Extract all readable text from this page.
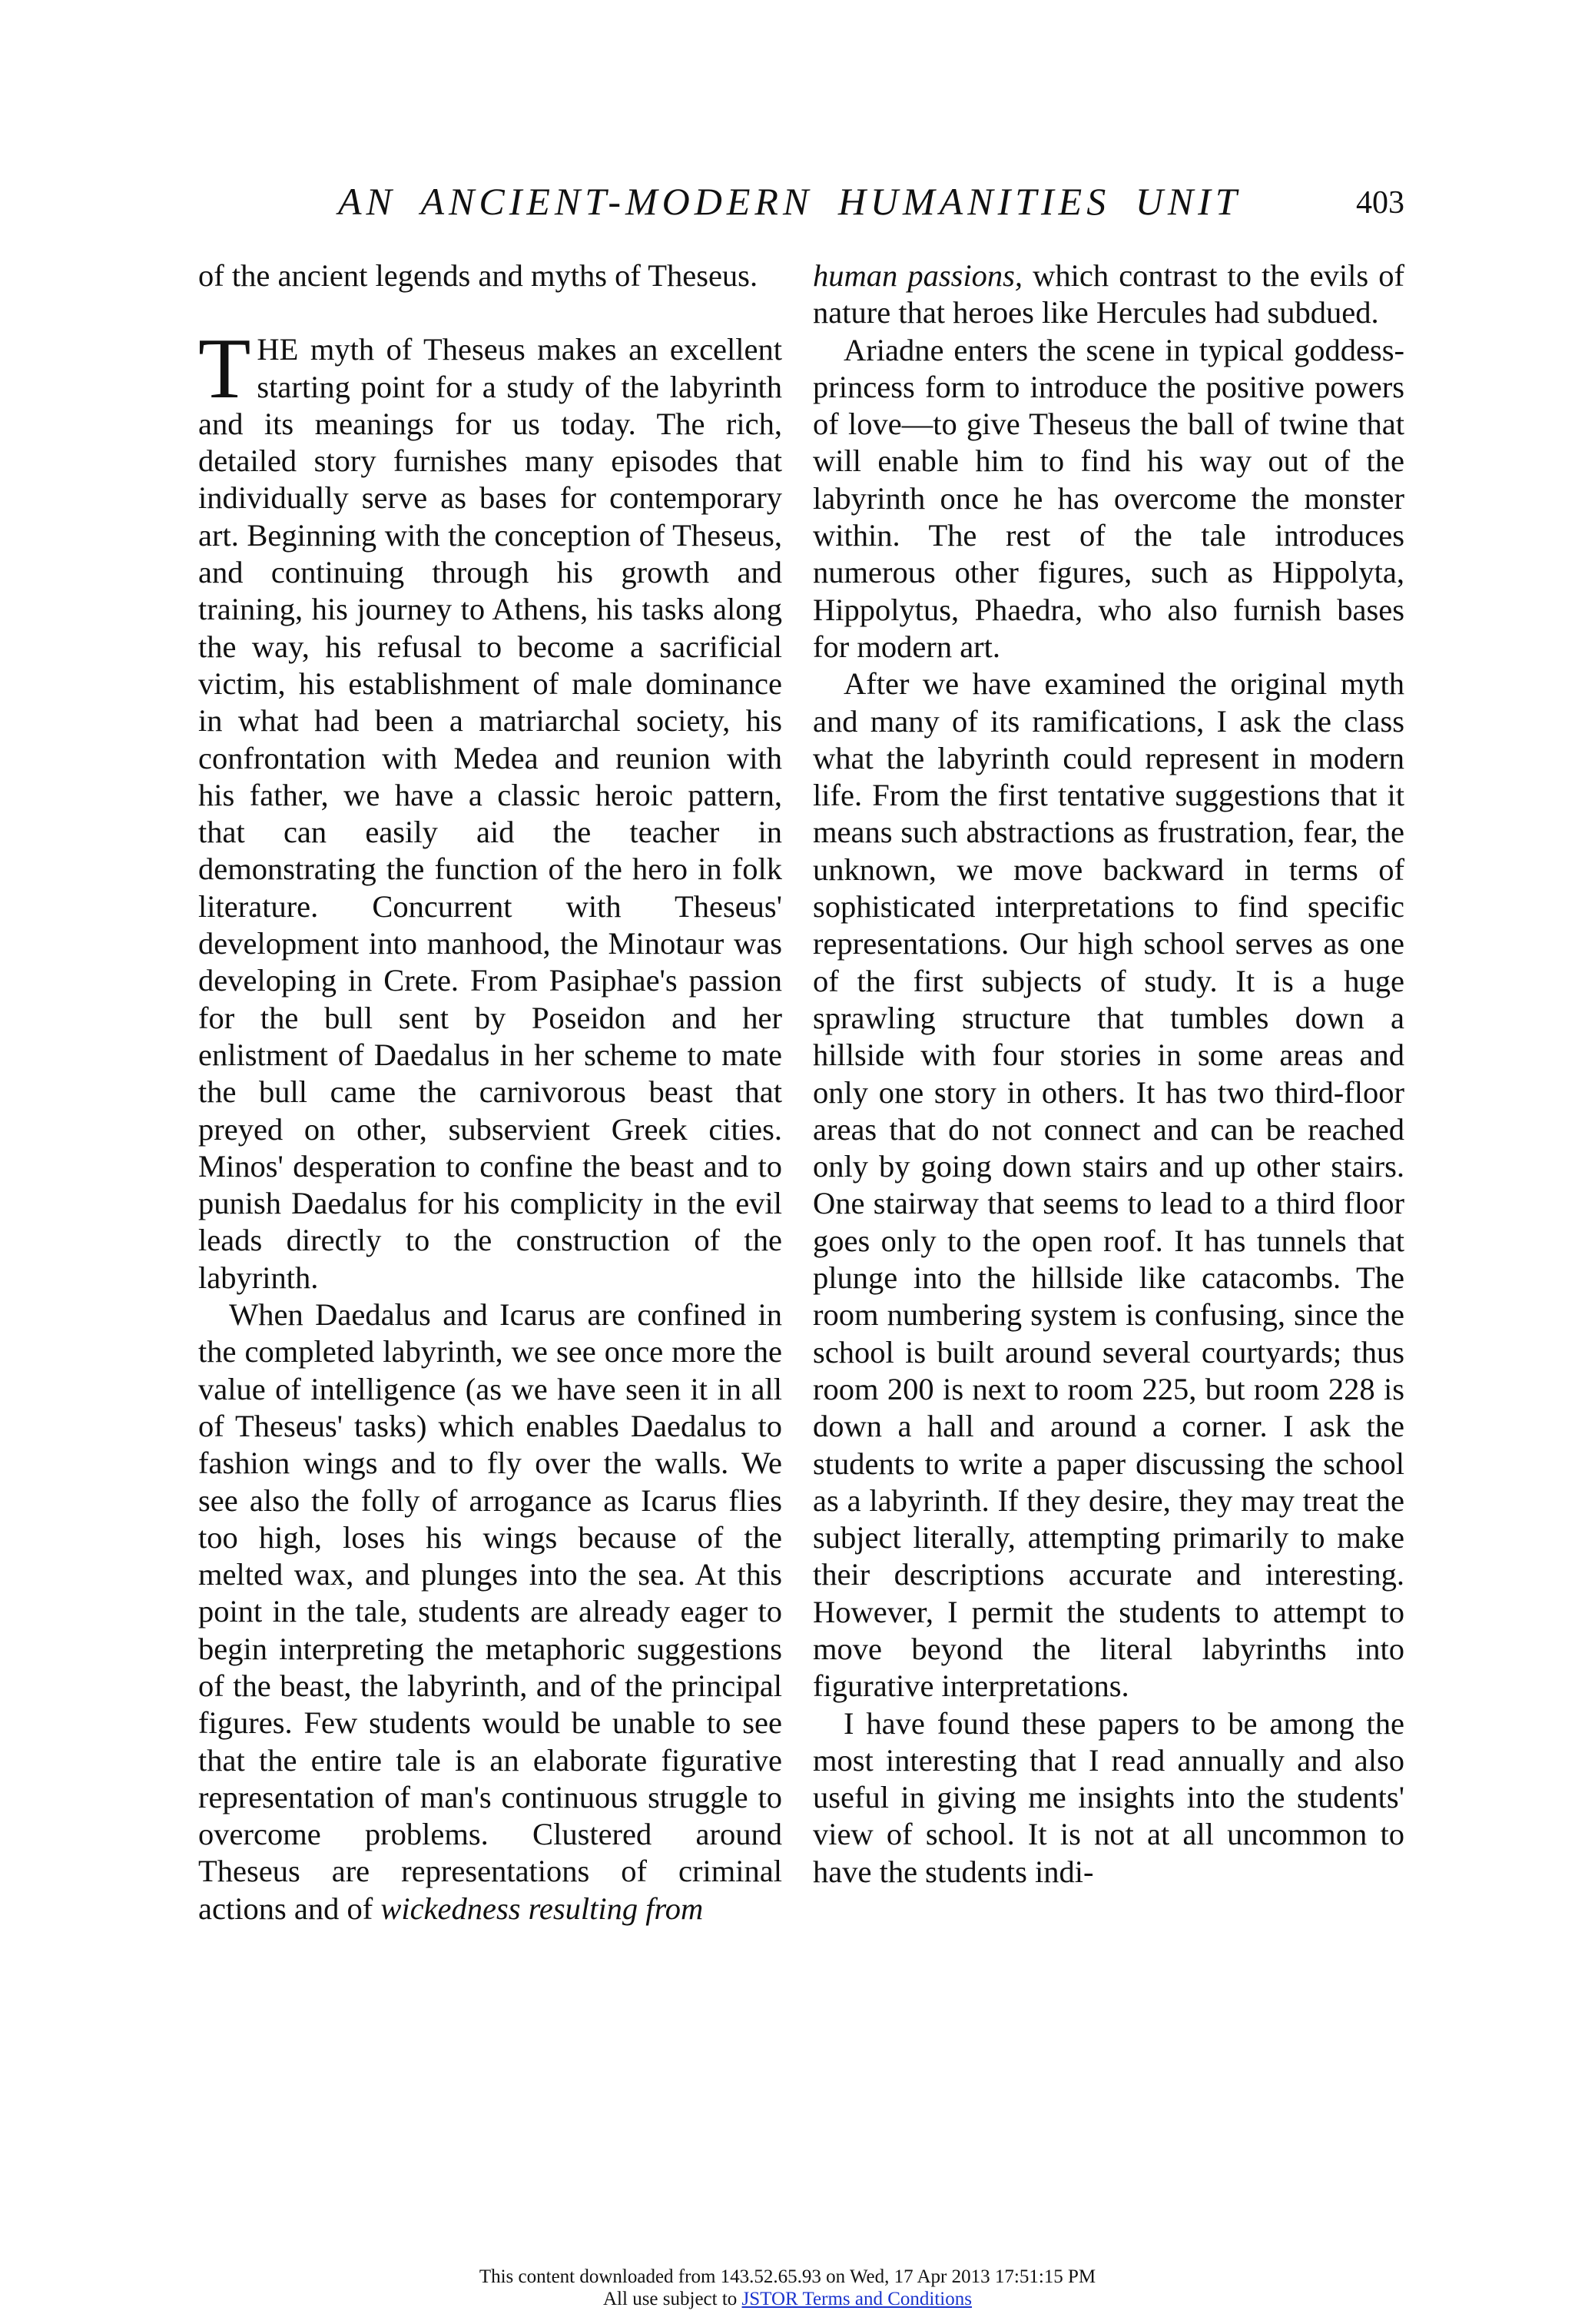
AN ANCIENT-MODERN HUMANITIES UNIT	403

of the ancient legends and myths of Theseus.

THE myth of Theseus makes an excellent starting point for a study of the labyrinth and its meanings for us today. The rich, detailed story furnishes many episodes that individually serve as bases for contemporary art. Beginning with the conception of Theseus, and continuing through his growth and training, his journey to Athens, his tasks along the way, his refusal to become a sacrificial victim, his establishment of male dominance in what had been a matriarchal society, his confrontation with Medea and reunion with his father, we have a classic heroic pattern, that can easily aid the teacher in demonstrating the function of the hero in folk literature. Concurrent with Theseus' development into manhood, the Minotaur was developing in Crete. From Pasiphae's passion for the bull sent by Poseidon and her enlistment of Daedalus in her scheme to mate the bull came the carnivorous beast that preyed on other, subservient Greek cities. Minos' desperation to confine the beast and to punish Daedalus for his complicity in the evil leads directly to the construction of the labyrinth.

When Daedalus and Icarus are confined in the completed labyrinth, we see once more the value of intelligence (as we have seen it in all of Theseus' tasks) which enables Daedalus to fashion wings and to fly over the walls. We see also the folly of arrogance as Icarus flies too high, loses his wings because of the melted wax, and plunges into the sea. At this point in the tale, students are already eager to begin interpreting the metaphoric suggestions of the beast, the labyrinth, and of the principal figures. Few students would be unable to see that the entire tale is an elaborate figurative representation of man's continuous struggle to overcome problems. Clustered around Theseus are representations of criminal actions and of wickedness resulting from

human passions, which contrast to the evils of nature that heroes like Hercules had subdued.

Ariadne enters the scene in typical goddess-princess form to introduce the positive powers of love—to give Theseus the ball of twine that will enable him to find his way out of the labyrinth once he has overcome the monster within. The rest of the tale introduces numerous other figures, such as Hippolyta, Hippolytus, Phaedra, who also furnish bases for modern art.

After we have examined the original myth and many of its ramifications, I ask the class what the labyrinth could represent in modern life. From the first tentative suggestions that it means such abstractions as frustration, fear, the unknown, we move backward in terms of sophisticated interpretations to find specific representations. Our high school serves as one of the first subjects of study. It is a huge sprawling structure that tumbles down a hillside with four stories in some areas and only one story in others. It has two third-floor areas that do not connect and can be reached only by going down stairs and up other stairs. One stairway that seems to lead to a third floor goes only to the open roof. It has tunnels that plunge into the hillside like catacombs. The room numbering system is confusing, since the school is built around several courtyards; thus room 200 is next to room 225, but room 228 is down a hall and around a corner. I ask the students to write a paper discussing the school as a labyrinth. If they desire, they may treat the subject literally, attempting primarily to make their descriptions accurate and interesting. However, I permit the students to attempt to move beyond the literal labyrinths into figurative interpretations.

I have found these papers to be among the most interesting that I read annually and also useful in giving me insights into the students' view of school. It is not at all uncommon to have the students indi-

This content downloaded from 143.52.65.93 on Wed, 17 Apr 2013 17:51:15 PM
All use subject to JSTOR Terms and Conditions
